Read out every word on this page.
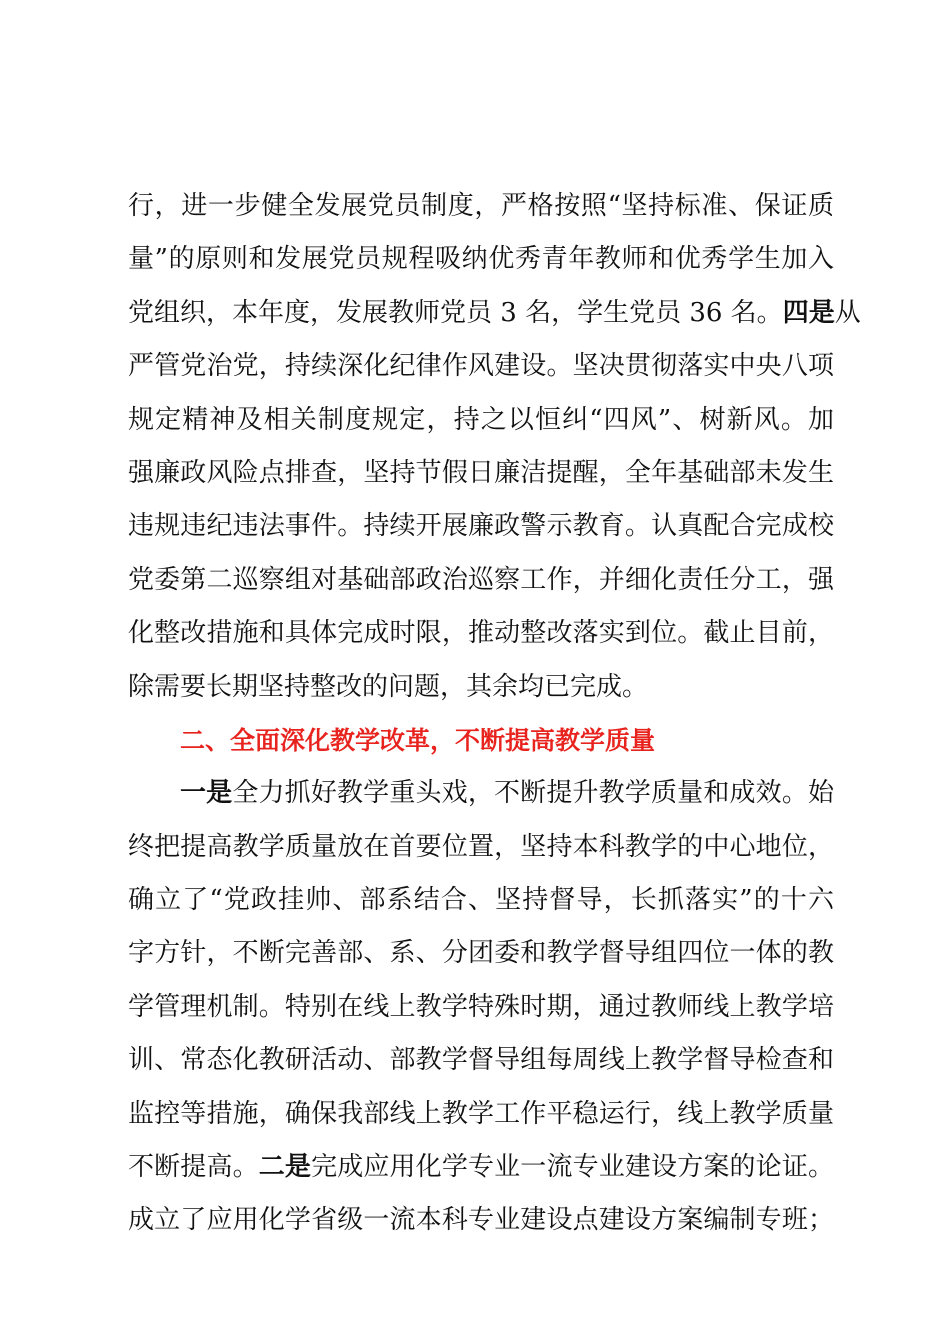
行，进一步健全发展党员制度，严格按照“坚持标准、保证质
量”的原则和发展党员规程吸纳优秀青年教师和优秀学生加入
党组织，本年度，发展教师党员 3 名，学生党员 36 名。四是从
严管党治党，持续深化纪律作风建设。坚决贯彻落实中央八项
规定精神及相关制度规定，持之以恒纠“四风”、树新风。加
强廉政风险点排查，坚持节假日廉洁提醒，全年基础部未发生
违规违纪违法事件。持续开展廉政警示教育。认真配合完成校
党委第二巡察组对基础部政治巡察工作，并细化责任分工，强
化整改措施和具体完成时限，推动整改落实到位。截止目前，
除需要长期坚持整改的问题，其余均已完成。
二、全面深化教学改革，不断提高教学质量
一是全力抓好教学重头戏，不断提升教学质量和成效。始
终把提高教学质量放在首要位置，坚持本科教学的中心地位，
确立了“党政挂帅、部系结合、坚持督导，长抓落实”的十六
字方针，不断完善部、系、分团委和教学督导组四位一体的教
学管理机制。特别在线上教学特殊时期，通过教师线上教学培
训、常态化教研活动、部教学督导组每周线上教学督导检查和
监控等措施，确保我部线上教学工作平稳运行，线上教学质量
不断提高。二是完成应用化学专业一流专业建设方案的论证。
成立了应用化学省级一流本科专业建设点建设方案编制专班；
